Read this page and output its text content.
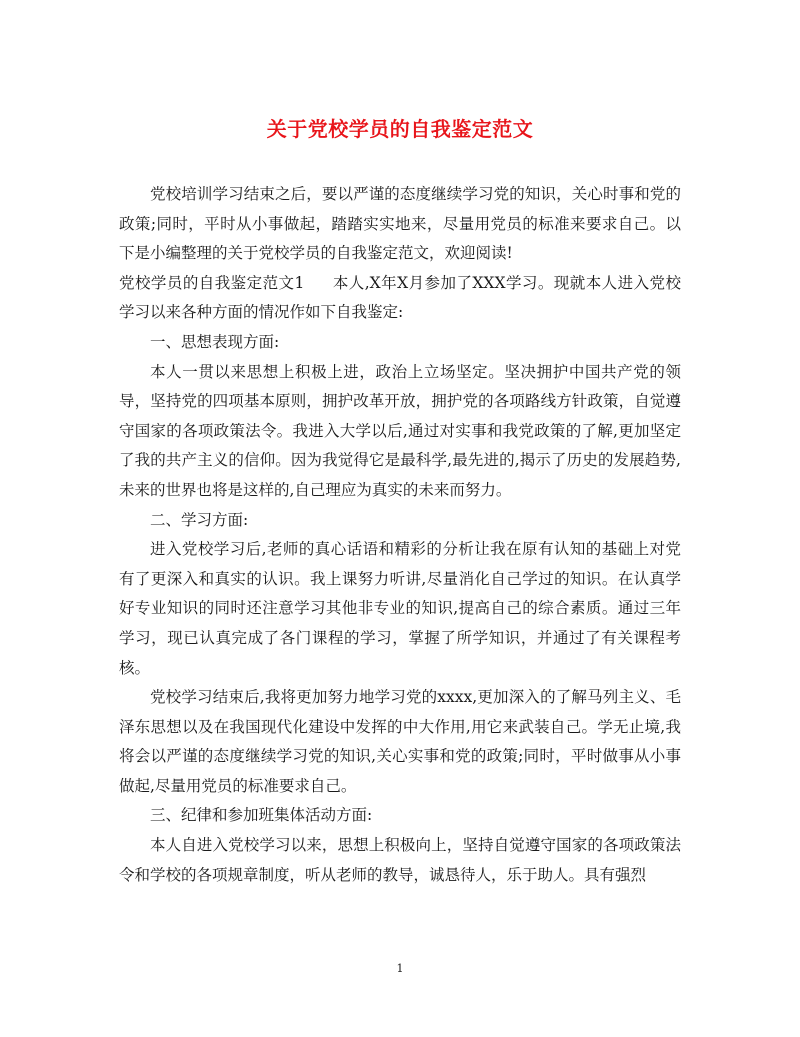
关于党校学员的自我鉴定范文

党校培训学习结束之后，要以严谨的态度继续学习党的知识，关心时事和党的政策;同时，平时从小事做起，踏踏实实地来，尽量用党员的标准来要求自己。以下是小编整理的关于党校学员的自我鉴定范文，欢迎阅读!

党校学员的自我鉴定范文1 本人,X年X月参加了XXX学习。现就本人进入党校学习以来各种方面的情况作如下自我鉴定:

一、思想表现方面:

本人一贯以来思想上积极上进，政治上立场坚定。坚决拥护中国共产党的领导，坚持党的四项基本原则，拥护改革开放，拥护党的各项路线方针政策，自觉遵守国家的各项政策法令。我进入大学以后,通过对实事和我党政策的了解,更加坚定了我的共产主义的信仰。因为我觉得它是最科学,最先进的,揭示了历史的发展趋势,未来的世界也将是这样的,自己理应为真实的未来而努力。

二、学习方面:

进入党校学习后,老师的真心话语和精彩的分析让我在原有认知的基础上对党有了更深入和真实的认识。我上课努力听讲,尽量消化自己学过的知识。在认真学好专业知识的同时还注意学习其他非专业的知识,提高自己的综合素质。通过三年学习，现已认真完成了各门课程的学习，掌握了所学知识，并通过了有关课程考核。

党校学习结束后,我将更加努力地学习党的xxxx,更加深入的了解马列主义、毛泽东思想以及在我国现代化建设中发挥的中大作用,用它来武装自己。学无止境,我将会以严谨的态度继续学习党的知识,关心实事和党的政策;同时，平时做事从小事做起,尽量用党员的标准要求自己。

三、纪律和参加班集体活动方面:

本人自进入党校学习以来，思想上积极向上，坚持自觉遵守国家的各项政策法令和学校的各项规章制度，听从老师的教导，诚恳待人，乐于助人。具有强烈

1
